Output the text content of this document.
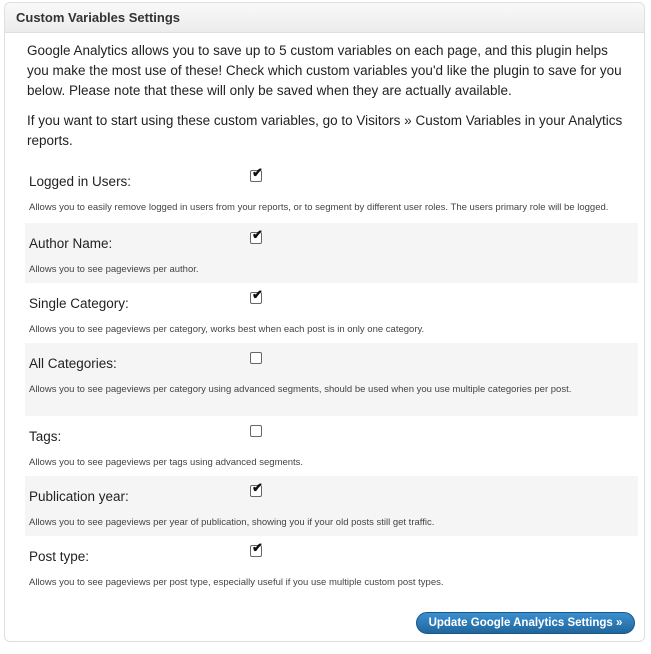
Custom Variables Settings

Google Analytics allows you to save up to 5 custom variables on each page, and this plugin helps you make the most use of these! Check which custom variables you'd like the plugin to save for you below. Please note that these will only be saved when they are actually available.

If you want to start using these custom variables, go to Visitors » Custom Variables in your Analytics reports.

Logged in Users:
✔
Allows you to easily remove logged in users from your reports, or to segment by different user roles. The users primary role will be logged.
Author Name:
✔
Allows you to see pageviews per author.
Single Category:
✔
Allows you to see pageviews per category, works best when each post is in only one category.
All Categories:
Allows you to see pageviews per category using advanced segments, should be used when you use multiple categories per post.
Tags:
Allows you to see pageviews per tags using advanced segments.
Publication year:
✔
Allows you to see pageviews per year of publication, showing you if your old posts still get traffic.
Post type:
✔
Allows you to see pageviews per post type, especially useful if you use multiple custom post types.
Update Google Analytics Settings »
